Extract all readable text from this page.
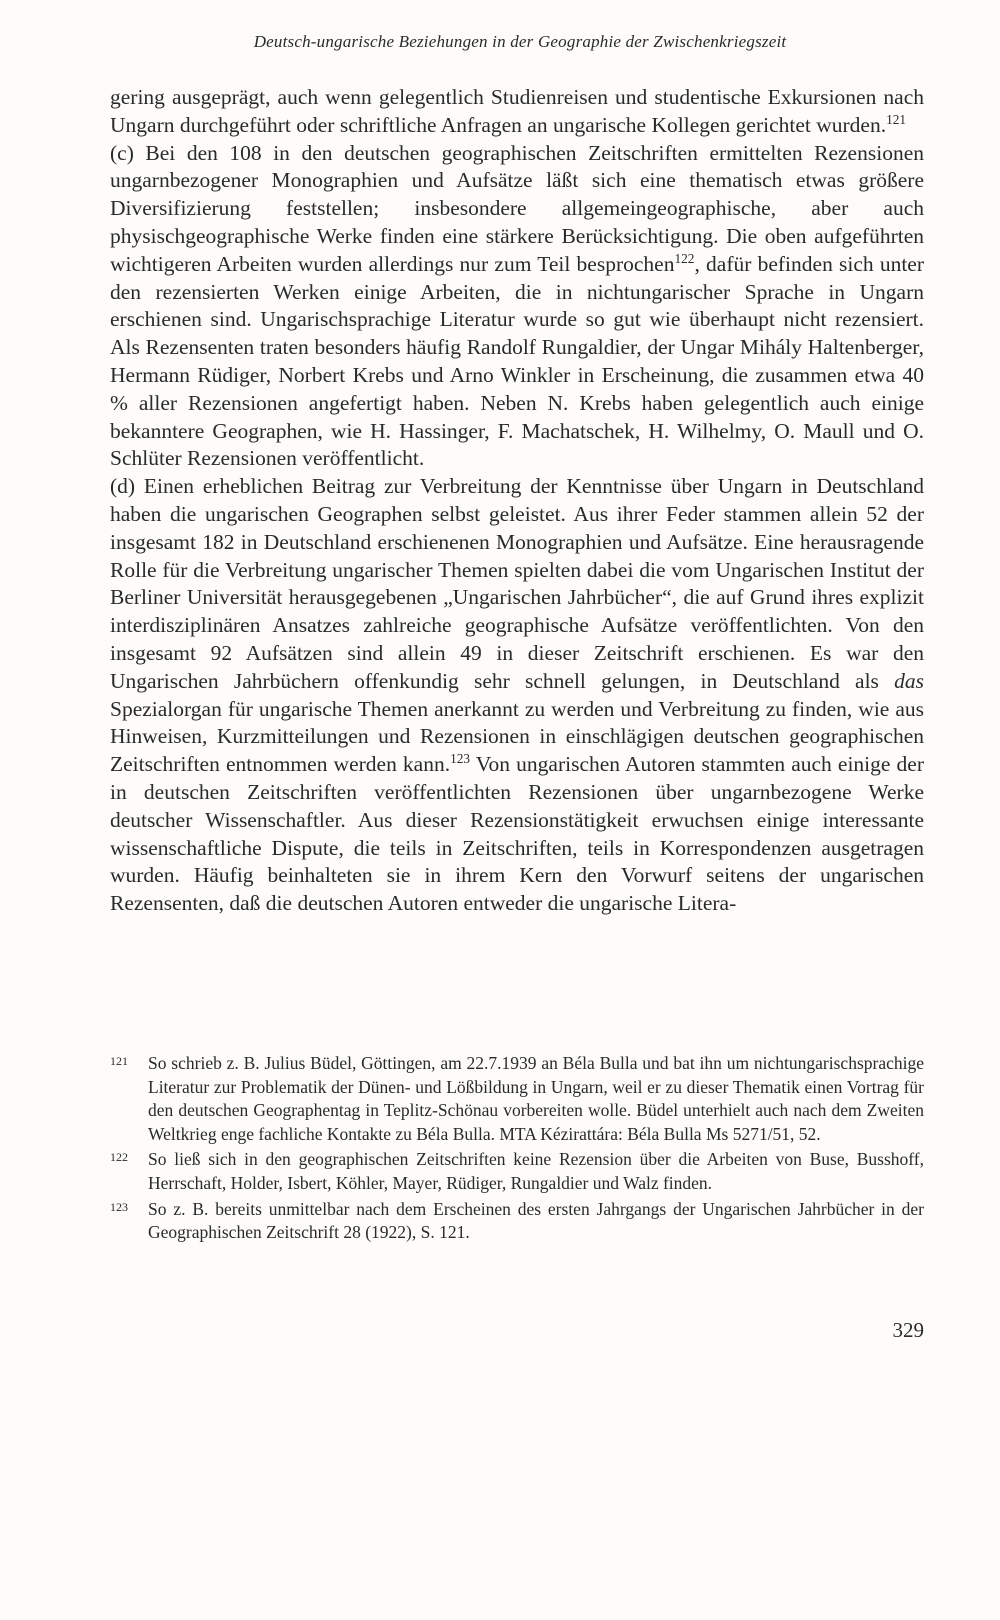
Deutsch-ungarische Beziehungen in der Geographie der Zwischenkriegszeit

gering ausgeprägt, auch wenn gelegentlich Studienreisen und studentische Exkursionen nach Ungarn durchgeführt oder schriftliche Anfragen an ungarische Kollegen gerichtet wurden.$^{121}$

(c) Bei den 108 in den deutschen geographischen Zeitschriften ermittelten Rezensionen ungarnbezogener Monographien und Aufsätze läßt sich eine thematisch etwas größere Diversifizierung feststellen; insbesondere allgemeingeographische, aber auch physischgeographische Werke finden eine stärkere Berücksichtigung. Die oben aufgeführten wichtigeren Arbeiten wurden allerdings nur zum Teil besprochen$^{122}$, dafür befinden sich unter den rezensierten Werken einige Arbeiten, die in nichtungarischer Sprache in Ungarn erschienen sind. Ungarischsprachige Literatur wurde so gut wie überhaupt nicht rezensiert. Als Rezensenten traten besonders häufig Randolf Rungaldier, der Ungar Mihály Haltenberger, Hermann Rüdiger, Norbert Krebs und Arno Winkler in Erscheinung, die zusammen etwa 40 % aller Rezensionen angefertigt haben. Neben N. Krebs haben gelegentlich auch einige bekanntere Geographen, wie H. Hassinger, F. Machatschek, H. Wilhelmy, O. Maull und O. Schlüter Rezensionen veröffentlicht.

(d) Einen erheblichen Beitrag zur Verbreitung der Kenntnisse über Ungarn in Deutschland haben die ungarischen Geographen selbst geleistet. Aus ihrer Feder stammen allein 52 der insgesamt 182 in Deutschland erschienenen Monographien und Aufsätze. Eine herausragende Rolle für die Verbreitung ungarischer Themen spielten dabei die vom Ungarischen Institut der Berliner Universität herausgegebenen „Ungarischen Jahrbücher“, die auf Grund ihres explizit interdisziplinären Ansatzes zahlreiche geographische Aufsätze veröffentlichten. Von den insgesamt 92 Aufsätzen sind allein 49 in dieser Zeitschrift erschienen. Es war den Ungarischen Jahrbüchern offenkundig sehr schnell gelungen, in Deutschland als das Spezialorgan für ungarische Themen anerkannt zu werden und Verbreitung zu finden, wie aus Hinweisen, Kurzmitteilungen und Rezensionen in einschlägigen deutschen geographischen Zeitschriften entnommen werden kann.$^{123}$ Von ungarischen Autoren stammten auch einige der in deutschen Zeitschriften veröffentlichten Rezensionen über ungarnbezogene Werke deutscher Wissenschaftler. Aus dieser Rezensionstätigkeit erwuchsen einige interessante wissenschaftliche Dispute, die teils in Zeitschriften, teils in Korrespondenzen ausgetragen wurden. Häufig beinhalteten sie in ihrem Kern den Vorwurf seitens der ungarischen Rezensenten, daß die deutschen Autoren entweder die ungarische Litera-

121	So schrieb z. B. Julius Büdel, Göttingen, am 22.7.1939 an Béla Bulla und bat ihn um nichtungarischsprachige Literatur zur Problematik der Dünen- und Lößbildung in Ungarn, weil er zu dieser Thematik einen Vortrag für den deutschen Geographentag in Teplitz-Schönau vorbereiten wolle. Büdel unterhielt auch nach dem Zweiten Weltkrieg enge fachliche Kontakte zu Béla Bulla. MTA Kézirattára: Béla Bulla Ms 5271/51, 52.
122	So ließ sich in den geographischen Zeitschriften keine Rezension über die Arbeiten von Buse, Busshoff, Herrschaft, Holder, Isbert, Köhler, Mayer, Rüdiger, Rungaldier und Walz finden.
123	So z. B. bereits unmittelbar nach dem Erscheinen des ersten Jahrgangs der Ungarischen Jahrbücher in der Geographischen Zeitschrift 28 (1922), S. 121.
329
